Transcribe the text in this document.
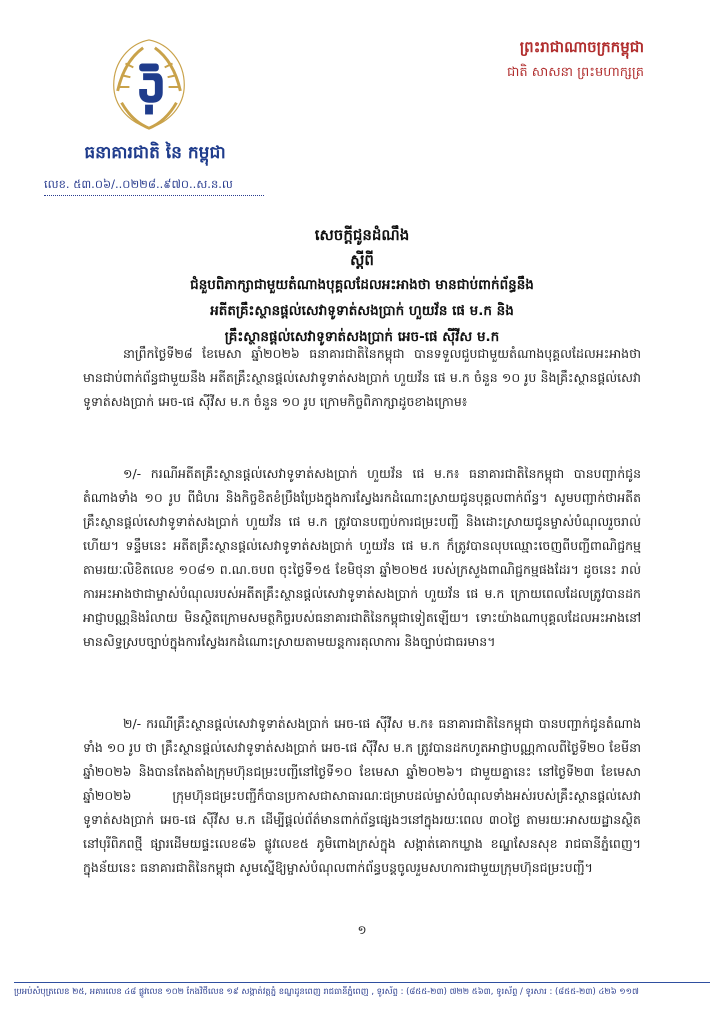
ធនាគារជាតិ នៃ កម្ពុជា
លេខ. ៥៣.០៦/..០២២៨..៩៧០..ស.ន.ល
ព្រះរាជាណាចក្រកម្ពុជា
ជាតិ សាសនា ព្រះមហាក្សត្រ
សេចក្តីជូនដំណឹង
ស្តីពី
ជំនួបពិភាក្សាជាមួយតំណាងបុគ្គលដែលអះអាងថា មានជាប់ពាក់ព័ន្ធនឹង
អតីតគ្រឹះស្ថានផ្តល់សេវាទូទាត់សងប្រាក់ ហួយវ័ន ផេ ម.ក និង
គ្រឹះស្ថានផ្តល់សេវាទូទាត់សងប្រាក់ អេច-ផេ ស៊ីវីស ម.ក
នាព្រឹកថ្ងៃទី២៨ ខែមេសា ឆ្នាំ២០២៦ ធនាគារជាតិនៃកម្ពុជា បានទទួលជួបជាមួយតំណាងបុគ្គលដែលអះអាងថា មានជាប់ពាក់ព័ន្ធជាមួយនឹង អតីតគ្រឹះស្ថានផ្តល់សេវាទូទាត់សងប្រាក់ ហួយវ័ន ផេ ម.ក ចំនួន ១០ រូប និងគ្រឹះស្ថានផ្តល់សេវាទូទាត់សងប្រាក់ អេច-ផេ ស៊ីវីស ម.ក ចំនួន ១០ រូប ក្រោមកិច្ចពិភាក្សាដូចខាងក្រោម៖
១/- ករណីអតីតគ្រឹះស្ថានផ្តល់សេវាទូទាត់សងប្រាក់ ហួយវ័ន ផេ ម.ក៖ ធនាគារជាតិនៃកម្ពុជា បានបញ្ជាក់ជូនតំណាងទាំង ១០ រូប ពីជំហរ និងកិច្ចខិតខំប្រឹងប្រែងក្នុងការស្វែងរកដំណោះស្រាយជូនបុគ្គលពាក់ព័ន្ធ។ សូមបញ្ជាក់ថាអតីតគ្រឹះស្ថានផ្តល់សេវាទូទាត់សងប្រាក់ ហួយវ័ន ផេ ម.ក ត្រូវបានបញ្ចប់ការជម្រះបញ្ជី និងដោះស្រាយជូនម្ចាស់បំណុលរួចរាល់ហើយ។ ទន្ទឹមនេះ អតីតគ្រឹះស្ថានផ្តល់សេវាទូទាត់សងប្រាក់ ហួយវ័ន ផេ ម.ក ក៏ត្រូវបានលុបឈ្មោះចេញពីបញ្ជីពាណិជ្ជកម្មតាមរយៈលិខិតលេខ ១០៨១ ព.ណ.ចបព ចុះថ្ងៃទី១៥ ខែមិថុនា ឆ្នាំ២០២៥ របស់ក្រសួងពាណិជ្ជកម្មផងដែរ។ ដូចនេះ រាល់ការអះអាងថាជាម្ចាស់បំណុលរបស់អតីតគ្រឹះស្ថានផ្តល់សេវាទូទាត់សងប្រាក់ ហួយវ័ន ផេ ម.ក ក្រោយពេលដែលត្រូវបានដកអាជ្ញាបណ្ណនិងរំលាយ មិនស្ថិតក្រោមសមត្ថកិច្ចរបស់ធនាគារជាតិនៃកម្ពុជាទៀតឡើយ។ ទោះយ៉ាងណាបុគ្គលដែលអះអាងនៅមានសិទ្ធស្របច្បាប់ក្នុងការស្វែងរកដំណោះស្រាយតាមយន្តការតុលាការ និងច្បាប់ជាធរមាន។
២/- ករណីគ្រឹះស្ថានផ្តល់សេវាទូទាត់សងប្រាក់ អេច-ផេ ស៊ីវីស ម.ក៖ ធនាគារជាតិនៃកម្ពុជា បានបញ្ជាក់ជូនតំណាងទាំង ១០ រូប ថា គ្រឹះស្ថានផ្តល់សេវាទូទាត់សងប្រាក់ អេច-ផេ ស៊ីវីស ម.ក ត្រូវបានដកហូតអាជ្ញាបណ្ណកាលពីថ្ងៃទី២០ ខែមីនា ឆ្នាំ២០២៦ និងបានតែងតាំងក្រុមហ៊ុនជម្រះបញ្ជីនៅថ្ងៃទី១០ ខែមេសា ឆ្នាំ២០២៦។ ជាមួយគ្នានេះ នៅថ្ងៃទី២៣ ខែមេសា ឆ្នាំ២០២៦ ក្រុមហ៊ុនជម្រះបញ្ជីក៏បានប្រកាសជាសាធារណៈជម្រាបដល់ម្ចាស់បំណុលទាំងអស់របស់គ្រឹះស្ថានផ្តល់សេវាទូទាត់សងប្រាក់ អេច-ផេ ស៊ីវីស ម.ក ដើម្បីផ្តល់ព័ត៌មានពាក់ព័ន្ធផ្សេងៗនៅក្នុងរយៈពេល ៣០ថ្ងៃ តាមរយៈអាសយដ្ឋានស្ថិតនៅបុរីពិភពថ្មី ផ្សារដើមយផ្ទះលេខ៨៦ ផ្លូវលេខ៥ ភូមិពោងក្រស់ក្នុង សង្កាត់គោកឃ្លាង ខណ្ឌសែនសុខ រាជធានីភ្នំពេញ។ ក្នុងន័យនេះ ធនាគារជាតិនៃកម្ពុជា សូមស្នើឱ្យម្ចាស់បំណុលពាក់ព័ន្ធបន្តចូលរួមសហការជាមួយក្រុមហ៊ុនជម្រះបញ្ជី។
១
ប្រអប់សំបុត្រលេខ ២៥, អគារលេខ ៤៨ ផ្លូវលេខ ១០២ កែងវិថីលេខ ១៩ សង្កាត់វត្តភ្នំ ខណ្ឌដូនពេញ រាជធានីភ្នំពេញ , ទូរស័ព្ទ : (៨៥៥-២៣) ៧២២ ៥៦៣, ទូរស័ព្ទ / ទូរសារ : (៨៥៥-២៣) ៤២៦ ១១៧
